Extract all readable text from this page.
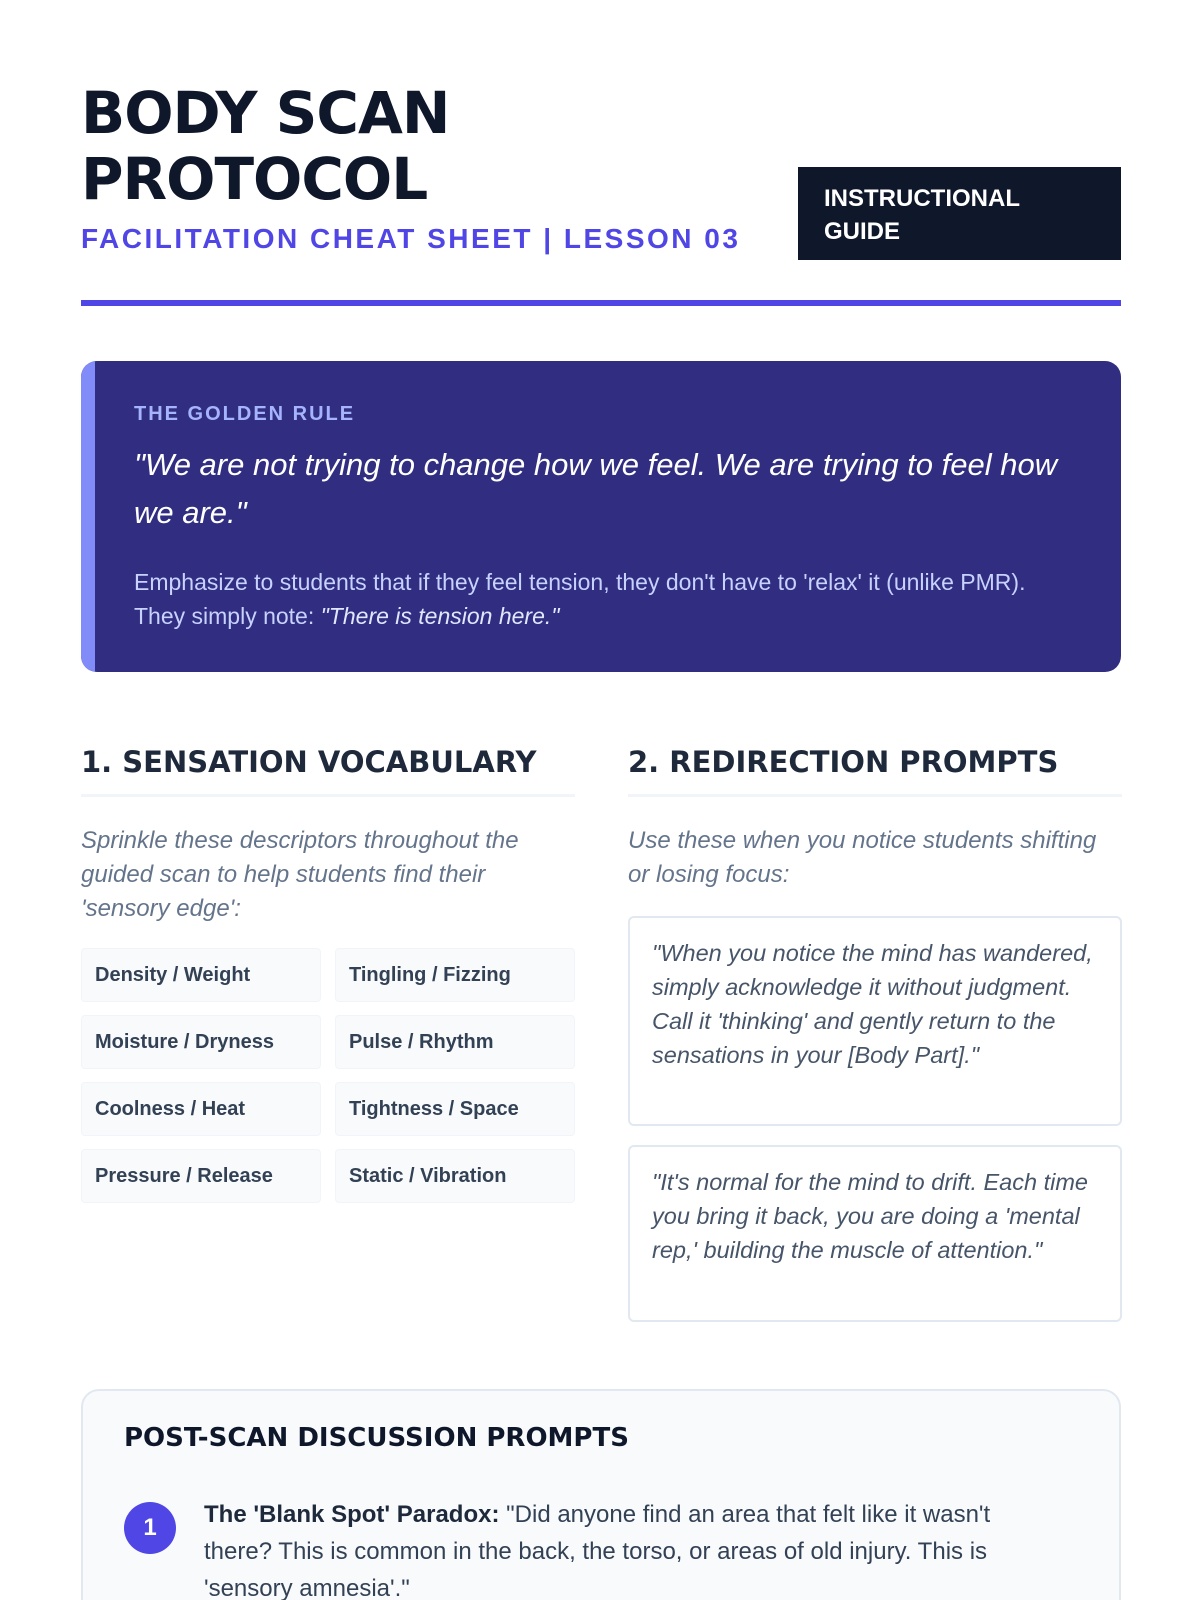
BODY SCAN
PROTOCOL
FACILITATION CHEAT SHEET | LESSON 03
INSTRUCTIONAL
GUIDE
THE GOLDEN RULE
"We are not trying to change how we feel. We are trying to feel how we are."
Emphasize to students that if they feel tension, they don't have to 'relax' it (unlike PMR). They simply note: "There is tension here."
1. SENSATION VOCABULARY
Sprinkle these descriptors throughout the guided scan to help students find their 'sensory edge':
Density / Weight	Tingling / Fizzing
Moisture / Dryness	Pulse / Rhythm
Coolness / Heat	Tightness / Space
Pressure / Release	Static / Vibration
2. REDIRECTION PROMPTS
Use these when you notice students shifting or losing focus:
"When you notice the mind has wandered, simply acknowledge it without judgment. Call it 'thinking' and gently return to the sensations in your [Body Part]."
"It's normal for the mind to drift. Each time you bring it back, you are doing a 'mental rep,' building the muscle of attention."
POST-SCAN DISCUSSION PROMPTS
1	The 'Blank Spot' Paradox: "Did anyone find an area that felt like it wasn't there? This is common in the back, the torso, or areas of old injury. This is 'sensory amnesia'."
